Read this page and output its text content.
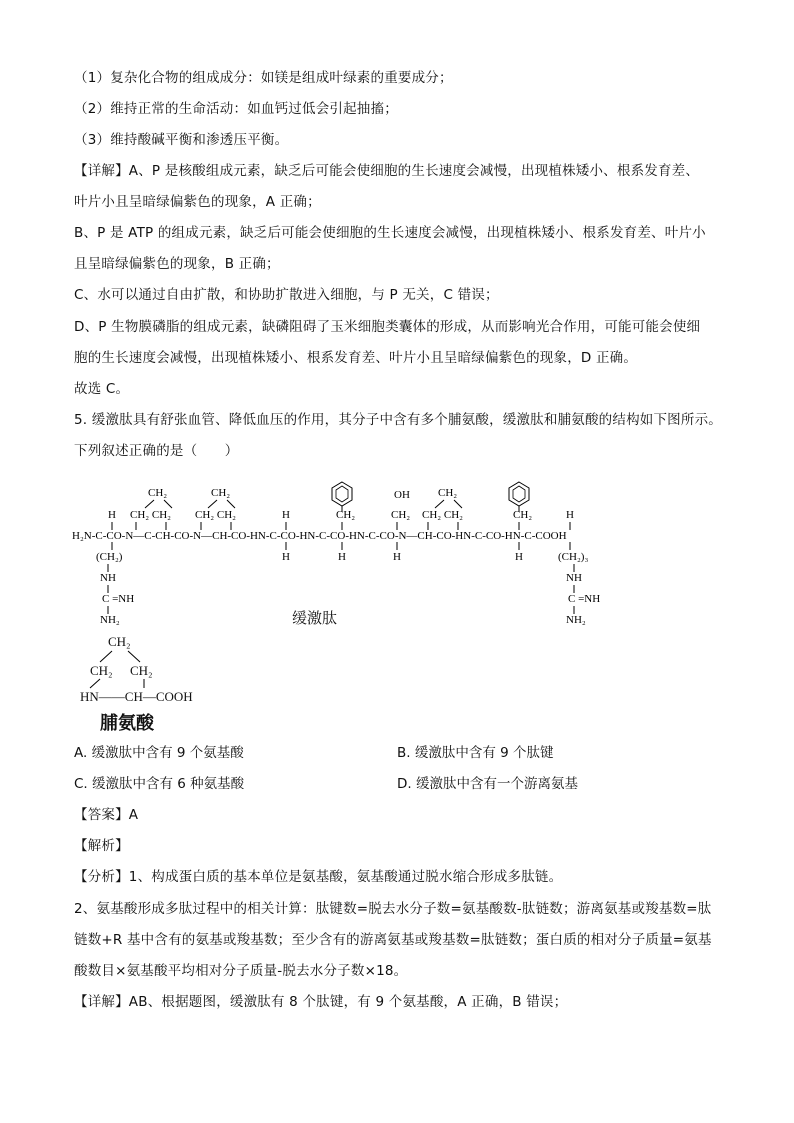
（1）复杂化合物的组成成分：如镁是组成叶绿素的重要成分；
（2）维持正常的生命活动：如血钙过低会引起抽搐；
（3）维持酸碱平衡和渗透压平衡。
【详解】A、P 是核酸组成元素，缺乏后可能会使细胞的生长速度会减慢，出现植株矮小、根系发育差、
叶片小且呈暗绿偏紫色的现象，A 正确；
B、P 是 ATP 的组成元素，缺乏后可能会使细胞的生长速度会减慢，出现植株矮小、根系发育差、叶片小
且呈暗绿偏紫色的现象，B 正确；
C、水可以通过自由扩散，和协助扩散进入细胞，与 P 无关，C 错误；
D、P 生物膜磷脂的组成元素，缺磷阻碍了玉米细胞类囊体的形成，从而影响光合作用，可能可能会使细
胞的生长速度会减慢，出现植株矮小、根系发育差、叶片小且呈暗绿偏紫色的现象，D 正确。
故选 C。
5. 缓激肽具有舒张血管、降低血压的作用，其分子中含有多个脯氨酸，缓激肽和脯氨酸的结构如下图所示。
下列叙述正确的是（　　）
CH₂	CH₂	CH₂
OH
CH₂ CH₂ CH₂ CH₂	CH₂ CH₂
CH₂	CH₂	CH₂
H	H	H
H₂N-C-CO-N—C-CH-CO-N—CH-CO-HN-C-CO-HN-C-CO-HN-C-CO-N—CH-CO-HN-C-CO-HN-C-COOH
H	H	H	H
(CH₂)	(CH₂)₃
NH	NH
C =NH	C =NH
NH₂	NH₂
缓激肽
CH₂
CH₂ CH₂
HN——CH—COOH
脯氨酸
A. 缓激肽中含有 9 个氨基酸	B. 缓激肽中含有 9 个肽键
C. 缓激肽中含有 6 种氨基酸	D. 缓激肽中含有一个游离氨基
【答案】A
【解析】
【分析】1、构成蛋白质的基本单位是氨基酸，氨基酸通过脱水缩合形成多肽链。
2、氨基酸形成多肽过程中的相关计算：肽键数=脱去水分子数=氨基酸数-肽链数；游离氨基或羧基数=肽
链数+R 基中含有的氨基或羧基数；至少含有的游离氨基或羧基数=肽链数；蛋白质的相对分子质量=氨基
酸数目×氨基酸平均相对分子质量-脱去水分子数×18。
【详解】AB、根据题图，缓激肽有 8 个肽键，有 9 个氨基酸，A 正确，B 错误；
